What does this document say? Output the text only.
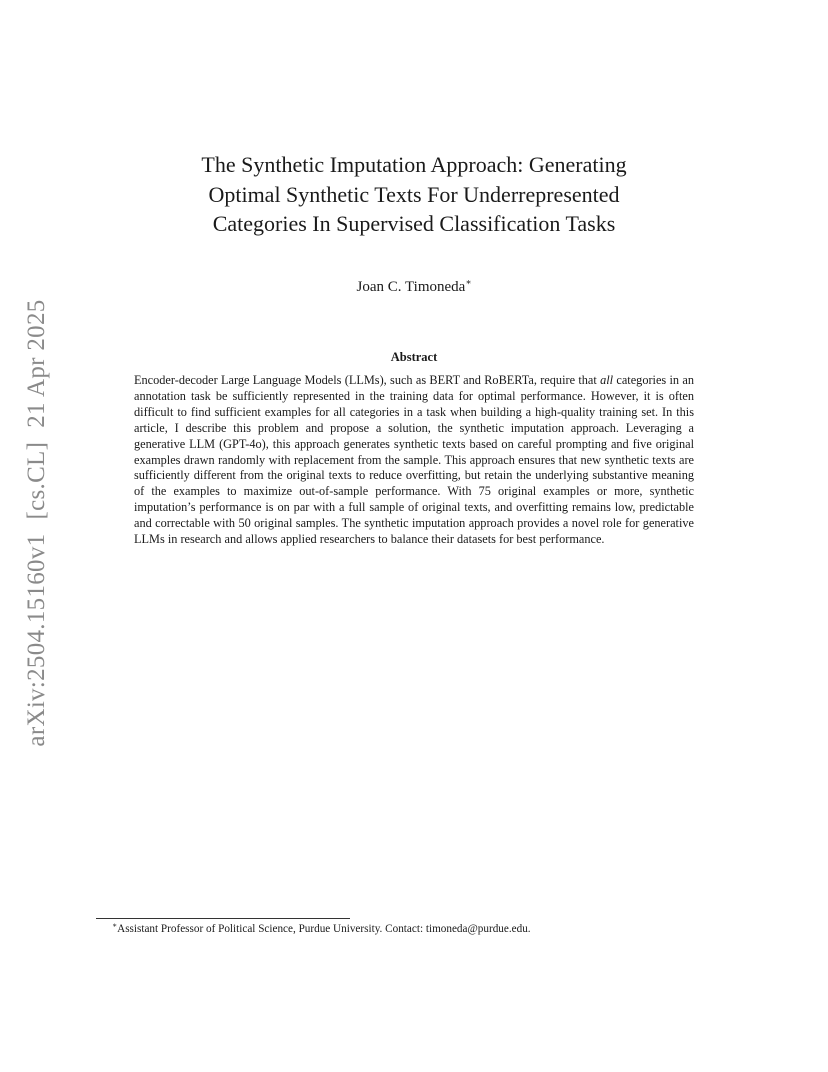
arXiv:2504.15160v1[cs.CL]21 Apr 2025
The Synthetic Imputation Approach: Generating
Optimal Synthetic Texts For Underrepresented
Categories In Supervised Classification Tasks
Joan C. Timoneda∗
Abstract

Encoder-decoder Large Language Models (LLMs), such as BERT and RoBERTa, require that all categories in an annotation task be sufficiently represented in the training data for optimal performance. However, it is often difficult to find sufficient examples for all categories in a task when building a high-quality training set. In this article, I describe this problem and propose a solution, the synthetic imputation approach. Leveraging a generative LLM (GPT-4o), this approach generates synthetic texts based on careful prompting and five original examples drawn randomly with replacement from the sample. This approach ensures that new synthetic texts are sufficiently different from the original texts to reduce overfitting, but retain the underlying substantive meaning of the examples to maximize out-of-sample performance. With 75 original examples or more, synthetic imputation’s performance is on par with a full sample of original texts, and overfitting remains low, predictable and correctable with 50 original samples. The synthetic imputation approach provides a novel role for generative LLMs in research and allows applied researchers to balance their datasets for best performance.

∗Assistant Professor of Political Science, Purdue University. Contact: timoneda@purdue.edu.
